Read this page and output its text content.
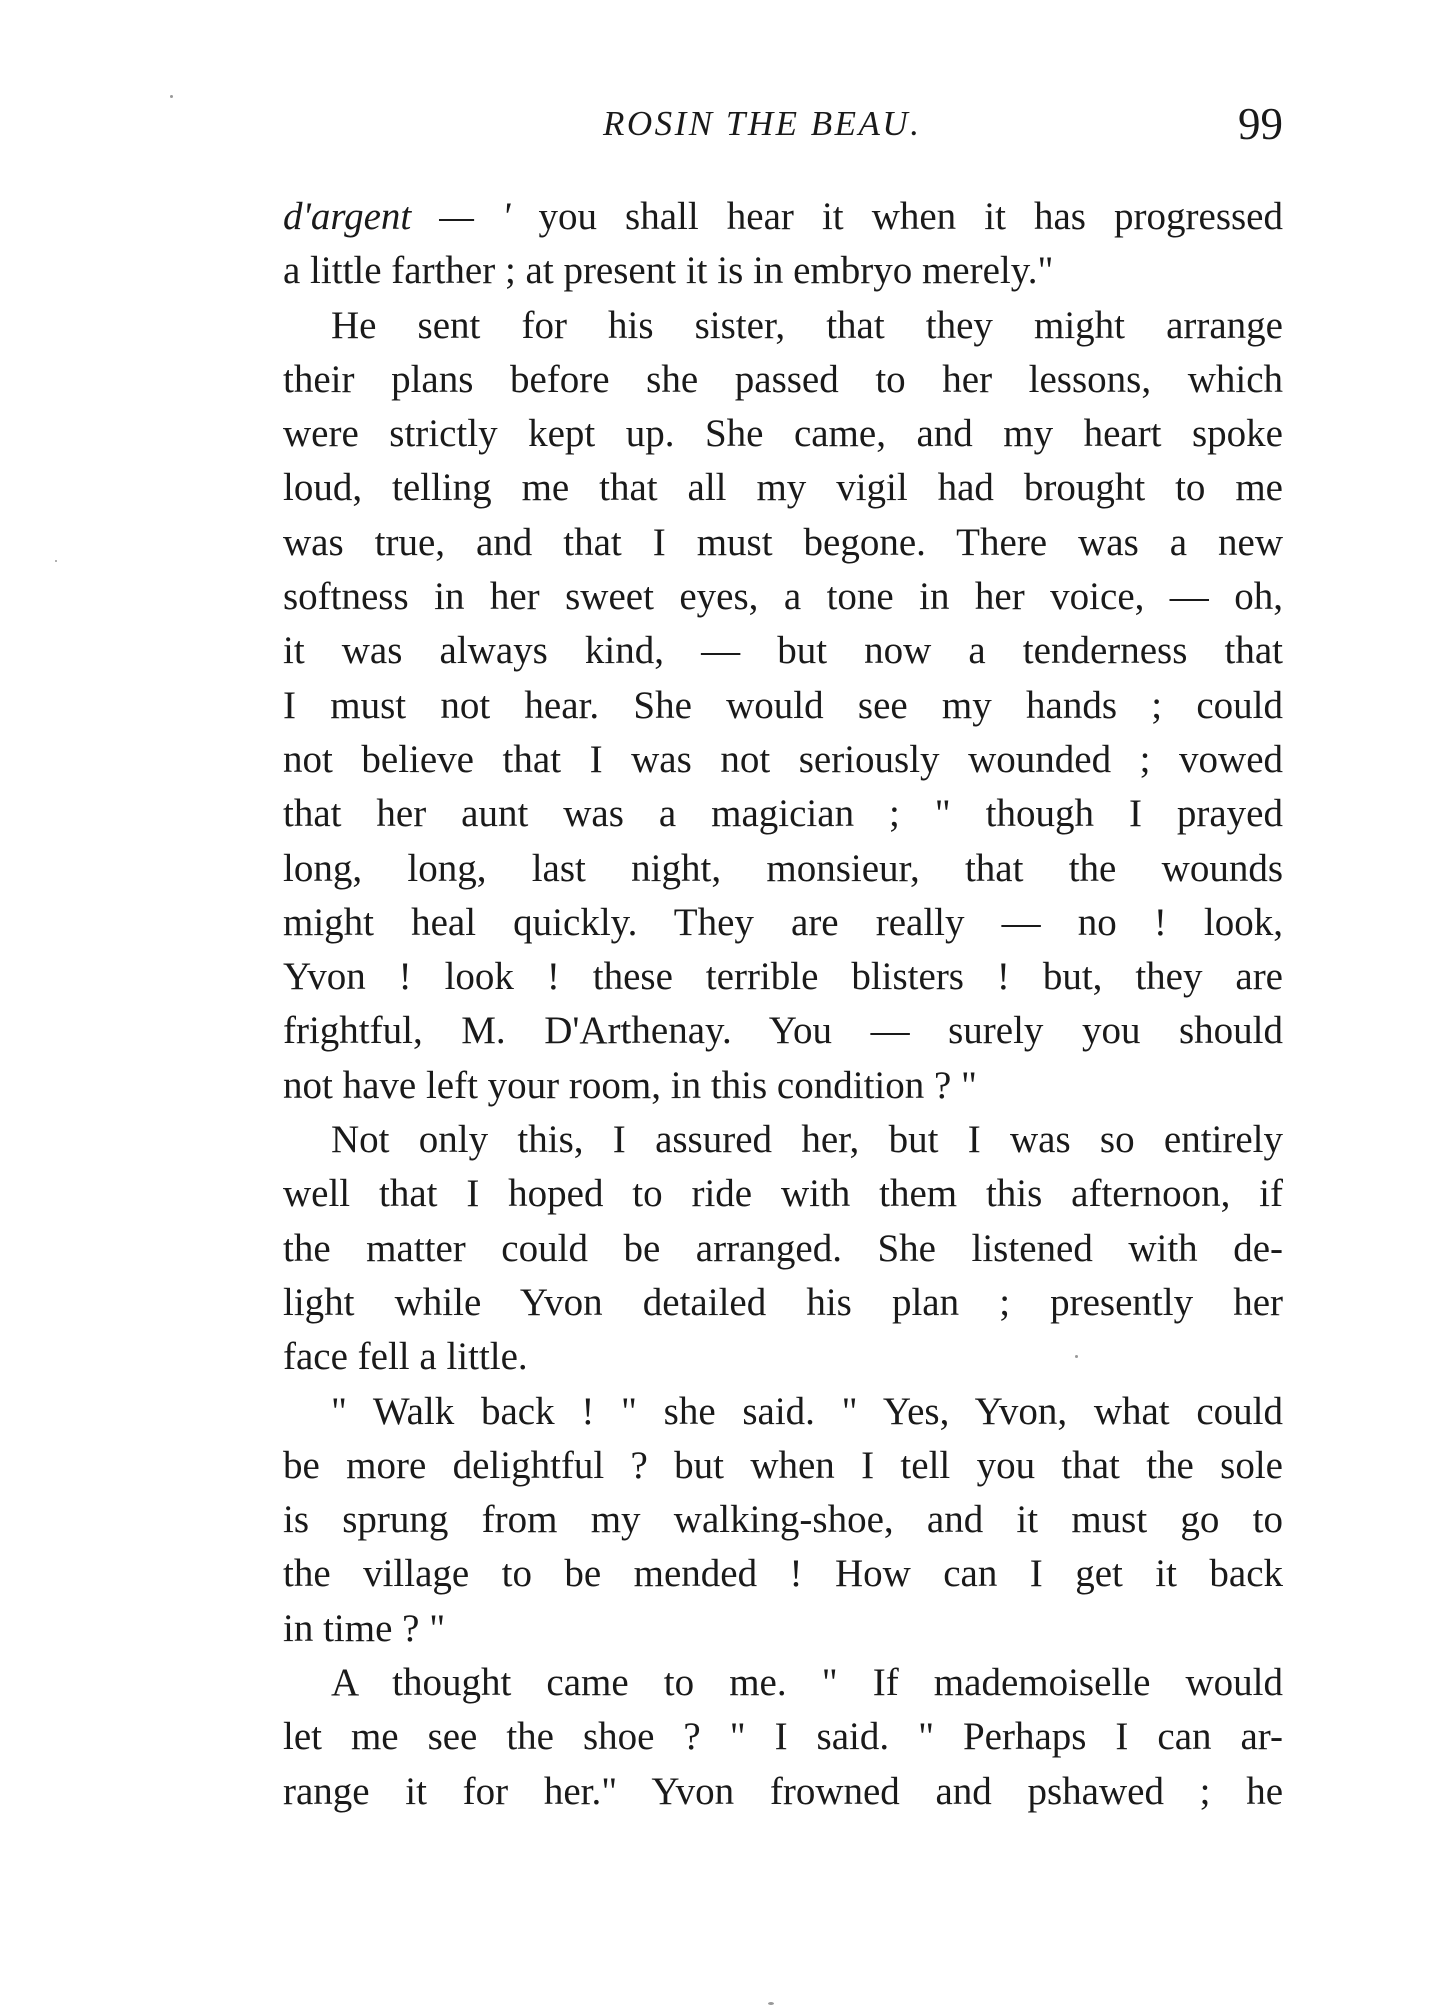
ROSIN THE BEAU.	99
d'argent — ' you shall hear it when it has progressed
a little farther ; at present it is in embryo merely."
He sent for his sister, that they might arrange
their plans before she passed to her lessons, which
were strictly kept up. She came, and my heart spoke
loud, telling me that all my vigil had brought to me
was true, and that I must begone. There was a new
softness in her sweet eyes, a tone in her voice, — oh,
it was always kind, — but now a tenderness that
I must not hear. She would see my hands ; could
not believe that I was not seriously wounded ; vowed
that her aunt was a magician ; " though I prayed
long, long, last night, monsieur, that the wounds
might heal quickly. They are really — no ! look,
Yvon ! look ! these terrible blisters ! but, they are
frightful, M. D'Arthenay. You — surely you should
not have left your room, in this condition ? "
Not only this, I assured her, but I was so entirely
well that I hoped to ride with them this afternoon, if
the matter could be arranged. She listened with de-
light while Yvon detailed his plan ; presently her
face fell a little.
" Walk back ! " she said. " Yes, Yvon, what could
be more delightful ? but when I tell you that the sole
is sprung from my walking-shoe, and it must go to
the village to be mended ! How can I get it back
in time ? "
A thought came to me. " If mademoiselle would
let me see the shoe ? " I said. " Perhaps I can ar-
range it for her." Yvon frowned and pshawed ; he
